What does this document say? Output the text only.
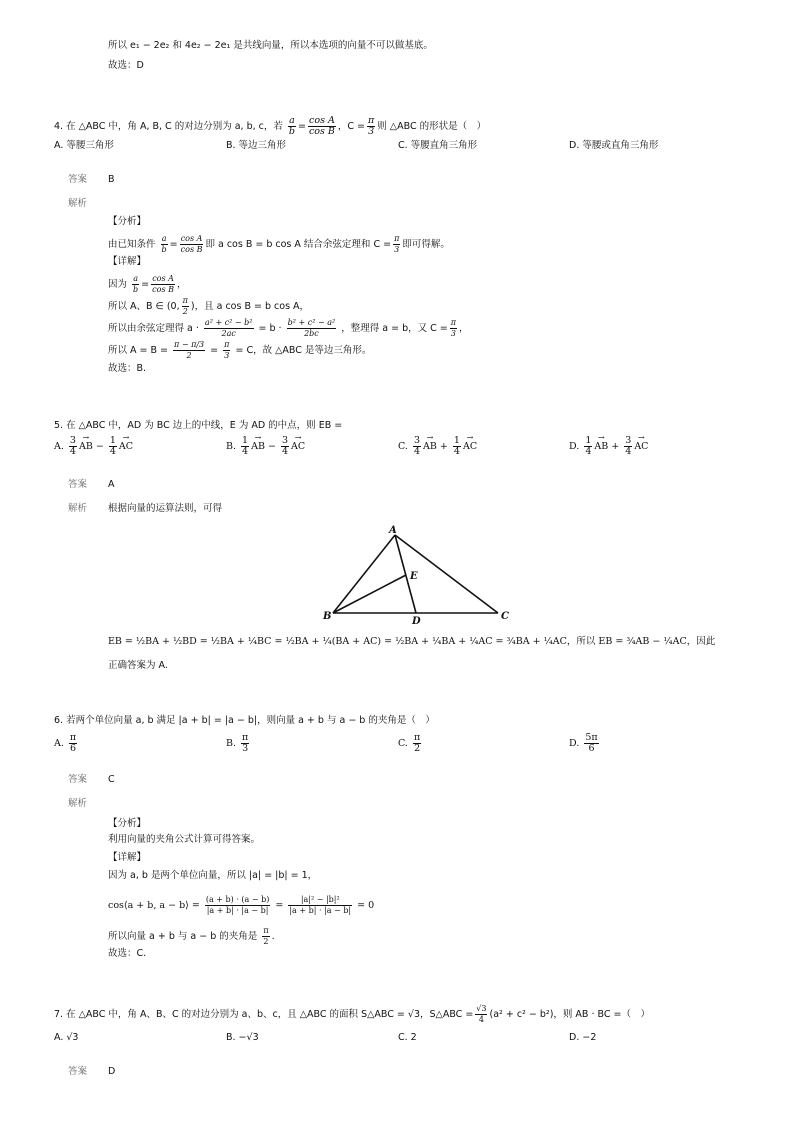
所以 e₁ − 2e₂ 和 4e₂ − 2e₁ 是共线向量，所以本选项的向量不可以做基底。
故选：D
4. 在 △ABC 中，角 A, B, C 的对边分别为 a, b, c，若 $\frac{a}{b} = \frac{\text{cos A}}{\text{cos B}}$ ，$C = \frac{\pi}{3}$ 则 △ABC 的形状是（　）
A. 等腰三角形	B. 等边三角形	C. 等腰直角三角形	D. 等腰或直角三角形
答案 B
解析
【分析】
由已知条件 $\frac{a}{b} = \frac{\text{cos A}}{\text{cos B}}$ 即 a cos B = b cos A 结合余弦定理和 $C = \frac{\pi}{3}$ 即可得解。
【详解】
因为 $\frac{a}{b} = \frac{\text{cos A}}{\text{cos B}}$ ，
所以 A、B ∈ (0, $\frac{\pi}{2}$ )，且 a cos B = b cos A，
所以由余弦定理得 $a \cdot \frac{\text{a² + c² − b²}}{2ac} = b \cdot \frac{\text{b² + c² − a²}}{2bc}$ ，整理得 a = b，又 $C = \frac{\pi}{3}$ ，
所以 $A = B = \frac{\pi - \pi/3}{2} = \frac{\pi}{3} = C$，故 △ABC 是等边三角形。
故选：B.
5. 在 △ABC 中，AD 为 BC 边上的中线，E 为 AD 的中点，则 EB =
A. $\frac{3}{4}$ → AB − $\frac{1}{4}$ → AC	B. $\frac{1}{4}$ → AB − $\frac{3}{4}$ → AC	C. $\frac{3}{4}$ → AB + $\frac{1}{4}$ → AC	D. $\frac{1}{4}$ → AB + $\frac{3}{4}$ → AC
答案 A
解析 根据向量的运算法则，可得
A
B	C
D
E
EB = ½BA + ½BD = ½BA + ¼BC = ½BA + ¼(BA + AC) = ½BA + ¼BA + ¼AC = ¾BA + ¼AC，所以 EB = ¾AB − ¼AC，因此
正确答案为 A.
6. 若两个单位向量 a, b 满足 |a + b| = |a − b|，则向量 a + b 与 a − b 的夹角是（　）
A. $\frac{\pi}{6}$	B. $\frac{\pi}{3}$	C. $\frac{\pi}{2}$	D. $\frac{5\pi}{6}$
答案 C
解析
【分析】
利用向量的夹角公式计算可得答案。
【详解】
因为 a, b 是两个单位向量，所以 |a| = |b| = 1，
cos⟨a + b, a − b⟩ = $\frac{(a + b) \cdot (a - b)}{|a + b| \cdot |a - b|} = \frac{\text{|a|² − |b|²}}{|a + b| \cdot |a - b|} = 0$
所以向量 a + b 与 a − b 的夹角是 $\frac{\pi}{2}$ .
故选：C.
7. 在 △ABC 中，角 A、B、C 的对边分别为 a、b、c，且 △ABC 的面积 S△ABC = √3，S△ABC = $\frac{√3}{4} (a^2 + c^2 - b^2)$，则 AB · BC =（　）
A. √3	B. −√3	C. 2	D. −2
答案 D
